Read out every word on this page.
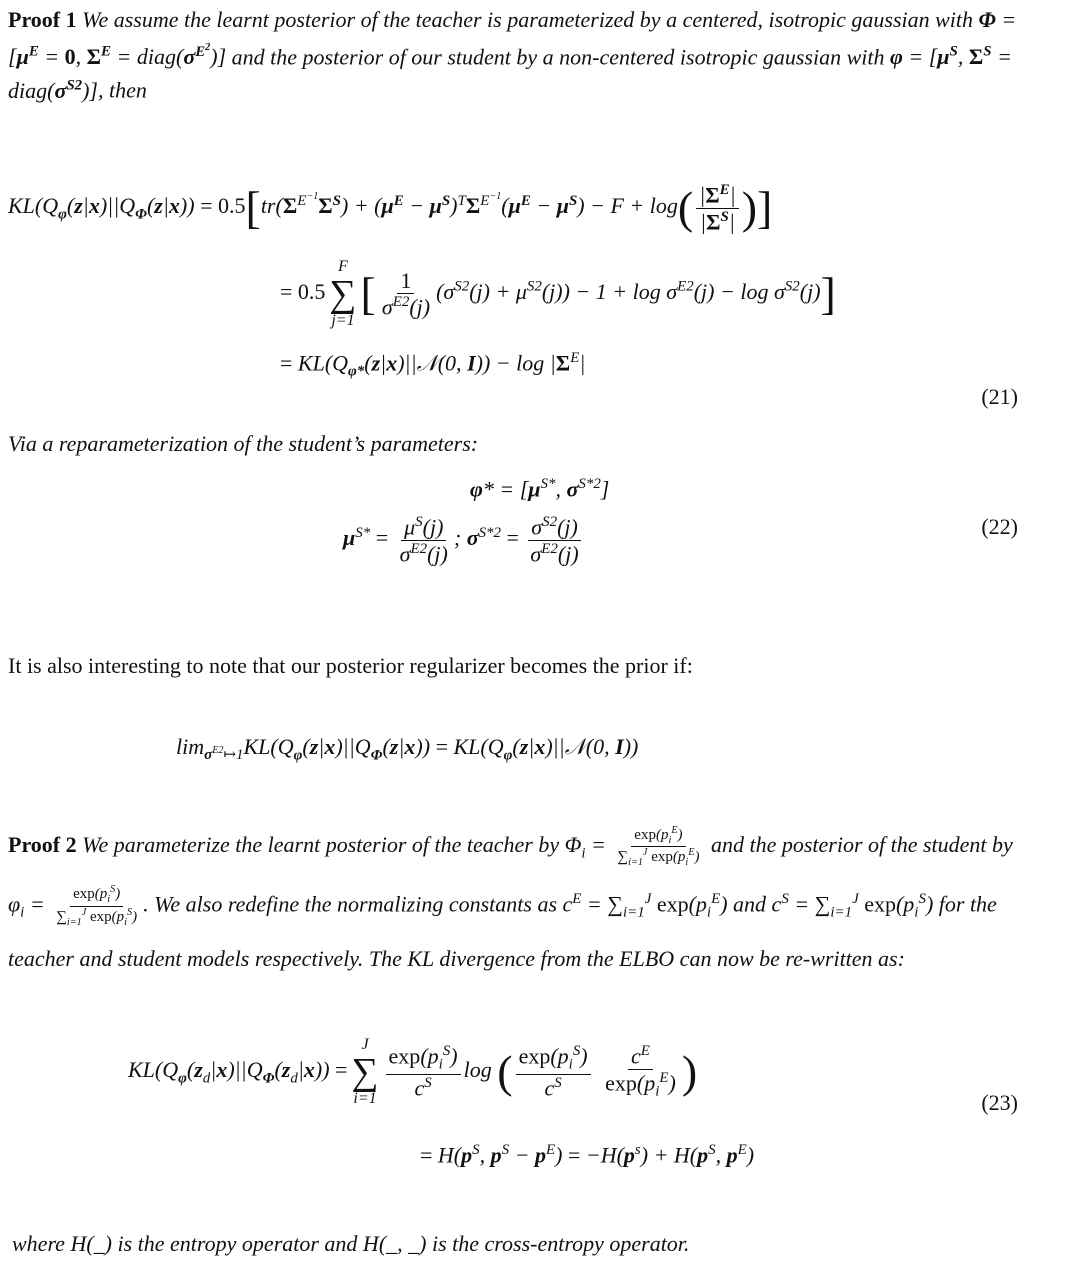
Proof 1 We assume the learnt posterior of the teacher is parameterized by a centered, isotropic gaussian with $\Phi = [\mu^E = 0$, $\Sigma^E$ = $diag(\sigma^{E^2})$] and the posterior of our student by a non-centered isotropic gaussian with $\varphi = [\mu^S$, $\Sigma^S$ = $diag(\sigma^{S2})$], then
$KL(Q_\varphi(z|x)||Q_\Phi(z|x)) = 0.5[tr(\Sigma^{E^{-1}}\Sigma^S) + (\mu^E - \mu^S)^T\Sigma^{E^{-1}}(\mu^E - \mu^S) - F + \log( \frac{|\Sigma^E|}{|\Sigma^S|}$ )]
= 0.5
F
∑
j=1
[ $\frac{1}{\sigma^{E2}(j)} (\sigma^{S2}(j) + \mu^{S2}(j)) - 1 + \log \sigma^{E2}(j) - \log \sigma^{S2}(j)$]
= $KL(Q_{\varphi*}(z|x)||𝒩(0$, $I)) - \log |\Sigma^E|$
(21)
Via a reparameterization of the student’s parameters:
$\varphi* = [\mu^{S*}$, $\sigma^{S*2}$]
$\mu^{S*} = \frac{\mu^S(j)}{\sigma^{E2}(j)}$ ; $\sigma^{S*2} = \frac{\sigma^{S2}(j)}{\sigma^{E2}(j)}$	(22)
It is also interesting to note that our posterior regularizer becomes the prior if:
$\lim_{\sigma^{E2}↦1}KL(Q_\varphi(z|x)||Q_\Phi(z|x))$ = $KL(Q_\varphi(z|x)||𝒩(0$, I))
Proof 2 We parameterize the learnt posterior of the teacher by $\Phi_i = \frac{\exp(p_i^E)}{\sum_{i=1}^J \exp(p_i^E)}$ and the posterior of the student by $\varphi_i = \frac{\exp(p_i^S)}{\sum_{i=1}^J \exp(p_i^S)}$ . We also redefine the normalizing constants as $c^E = \sum_{i=1}^J$ $\exp(p_i^E)$ and $c^S = \sum_{i=1}^J$ $\exp(p_i^S)$ for the teacher and student models respectively. The KL divergence from the ELBO can now be re-written as:
$KL(Q_\varphi(z_d|x)||Q_\Phi(z_d|x))$ =
J
∑
$i=1 \frac{\exp(p_i^S)}{c^S}$ log ( $\frac{\exp(p_i^S)}{c^S}$
$\frac{c^E}{\exp(p_i^E)}$ )
= $H(p^S$, $p^S - p^E) = -H(p^s) + H(p^S$, $p^E$)
(23)
where H(_) is the entropy operator and H(_, _) is the cross-entropy operator.
